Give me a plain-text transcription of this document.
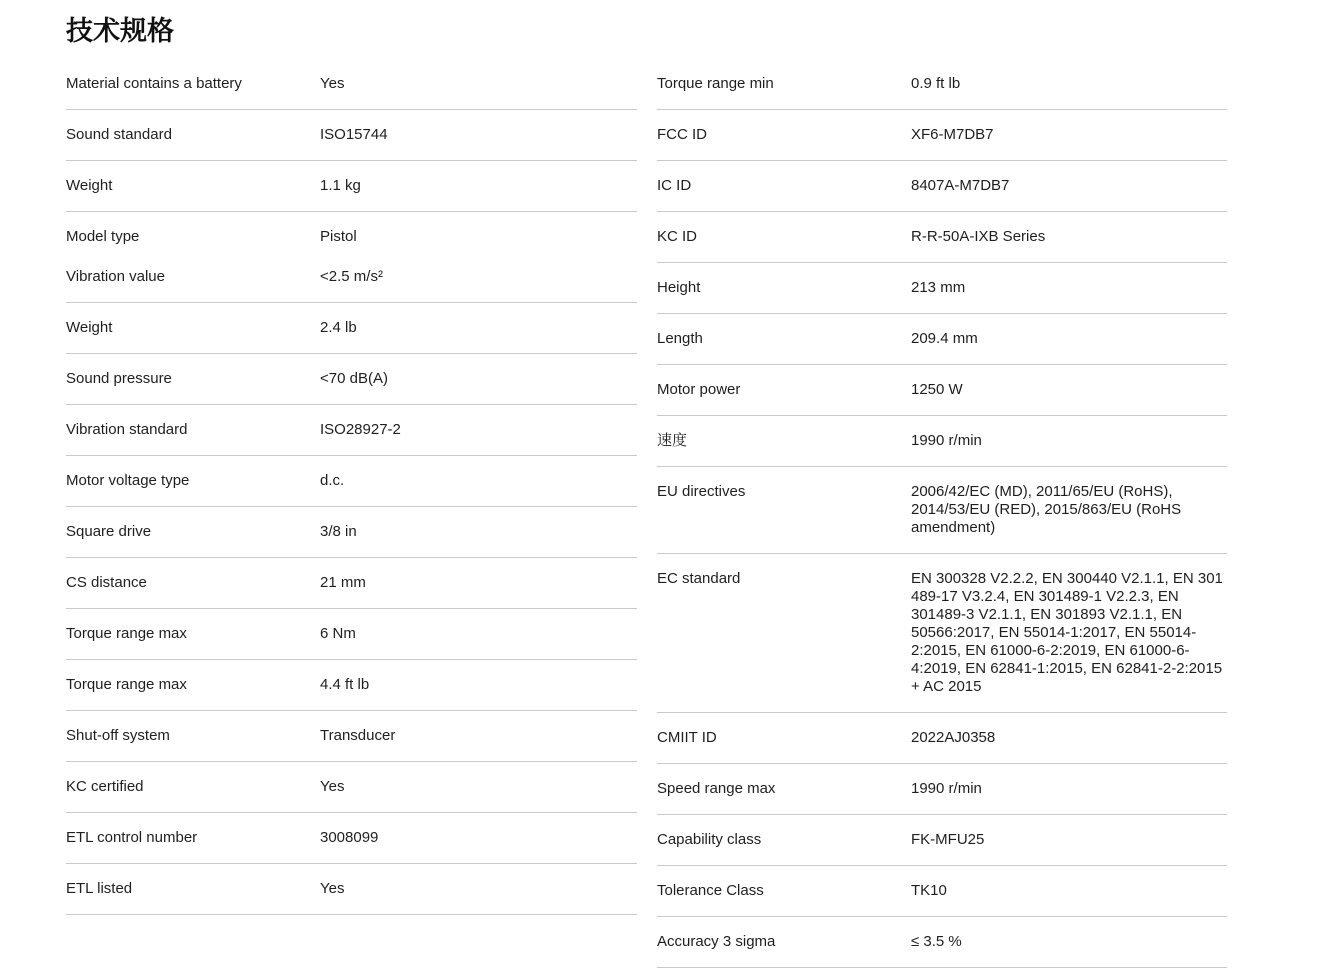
技术规格
Material contains a battery	Yes
Sound standard	ISO15744
Weight	1.1 kg
Model type	Pistol
Vibration value	<2.5 m/s²
Weight	2.4 lb
Sound pressure	<70 dB(A)
Vibration standard	ISO28927-2
Motor voltage type	d.c.
Square drive	3/8 in
CS distance	21 mm
Torque range max	6 Nm
Torque range max	4.4 ft lb
Shut-off system	Transducer
KC certified	Yes
ETL control number	3008099
ETL listed	Yes
Torque range min	0.9 ft lb
FCC ID	XF6-M7DB7
IC ID	8407A-M7DB7
KC ID	R-R-50A-IXB Series
Height	213 mm
Length	209.4 mm
Motor power	1250 W
速度	1990 r/min
EU directives	2006/42/EC (MD), 2011/65/EU (RoHS), 2014/53/EU (RED), 2015/863/EU (RoHS amendment)
EC standard	EN 300328 V2.2.2, EN 300440 V2.1.1, EN 301 489-17 V3.2.4, EN 301489-1 V2.2.3, EN 301489-3 V2.1.1, EN 301893 V2.1.1, EN 50566:2017, EN 55014-1:2017, EN 55014-2:2015, EN 61000-6-2:2019, EN 61000-6-4:2019, EN 62841-1:2015, EN 62841-2-2:2015 + AC 2015
CMIIT ID	2022AJ0358
Speed range max	1990 r/min
Capability class	FK-MFU25
Tolerance Class	TK10
Accuracy 3 sigma	≤ 3.5 %
